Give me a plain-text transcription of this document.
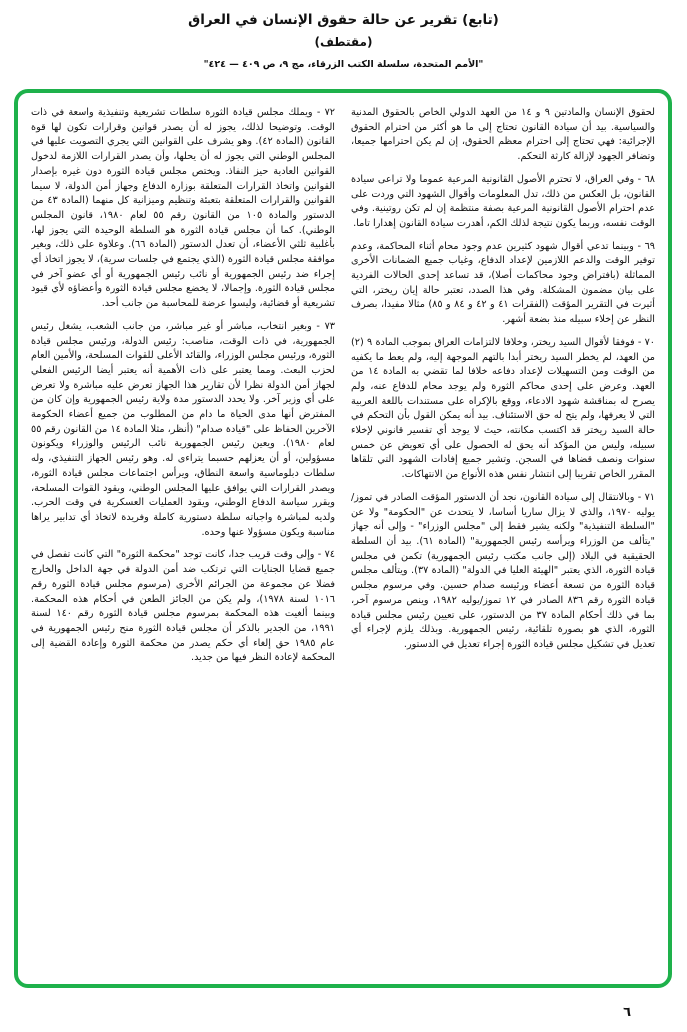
(تابع) تقرير عن حالة حقوق الإنسان في العراق
(مقتطف)
"الأمم المتحدة، سلسلة الكتب الزرقاء، مج ٩، ص ٤٠٩ — ٤٢٤"

لحقوق الإنسان والمادتين ٩ و ١٤ من العهد الدولي الخاص بالحقوق المدنية والسياسية. بيد أن سيادة القانون تحتاج إلى ما هو أكثر من احترام الحقوق الإجرائية: فهي تحتاج إلى احترام معظم الحقوق، إن لم يكن احترامها جميعا، وتضافر الجهود لإزالة كارثة التحكم.

٦٨ - وفي العراق، لا تحترم الأصول القانونية المرعية عموما ولا تراعى سيادة القانون، بل العكس من ذلك، تدل المعلومات وأقوال الشهود التي وردت على عدم احترام الأصول القانونية المرعية بصفة منتظمة إن لم تكن روتينية. وفي الوقت نفسه، وربما يكون نتيجة لذلك الكم، أهدرت سيادة القانون إهدارا تاما.

٦٩ - وبينما تدعي أقوال شهود كثيرين عدم وجود محام أثناء المحاكمة، وعدم توفير الوقت والدعم اللازمين لإعداد الدفاع، وغياب جميع الضمانات الأخرى المماثلة (بافتراض وجود محاكمات أصلا)، قد تساعد إحدى الحالات الفردية على بيان مضمون المشكلة. وفي هذا الصدد، تعتبر حالة إيان ريختر، التي أثيرت في التقرير المؤقت (الفقرات ٤١ و ٤٢ و ٨٤ و ٨٥) مثالا مفيدا، بصرف النظر عن إخلاء سبيله منذ بضعة أشهر.

٧٠ - فوفقا لأقوال السيد ريختر، وخلافا لالتزامات العراق بموجب المادة ٩ (٢) من العهد، لم يخطر السيد ريختر أبدا بالتهم الموجهة إليه، ولم يعط ما يكفيه من الوقت ومن التسهيلات لإعداد دفاعه خلافا لما تقضي به المادة ١٤ من العهد. وعرض على إحدى محاكم الثورة ولم يوجد محام للدفاع عنه، ولم يصرح له بمناقشة شهود الادعاء، ووقع بالإكراه على مستندات باللغة العربية التي لا يعرفها، ولم يتح له حق الاستئناف. بيد أنه يمكن القول بأن التحكم في حالة السيد ريختر قد اكتسب مكانته، حيث لا يوجد أي تفسير قانوني لإخلاء سبيله، وليس من المؤكد أنه يحق له الحصول على أي تعويض عن خمس سنوات ونصف قضاها في السجن. وتشير جميع إفادات الشهود التي تلقاها المقرر الخاص تقريبا إلى انتشار نفس هذه الأنواع من الانتهاكات.

٧١ - وبالانتقال إلى سيادة القانون، نجد أن الدستور المؤقت الصادر في تموز/يوليه ١٩٧٠، والذي لا يزال ساريا أساسا، لا يتحدث عن "الحكومة" ولا عن "السلطة التنفيذية" ولكنه يشير فقط إلى "مجلس الوزراء" - وإلى أنه جهاز "يتألف من الوزراء ويرأسه رئيس الجمهورية" (المادة ٦١). بيد أن السلطة الحقيقية في البلاد (إلى جانب مكتب رئيس الجمهورية) تكمن في مجلس قيادة الثورة، الذي يعتبر "الهيئة العليا في الدولة" (المادة ٣٧). ويتألف مجلس قيادة الثورة من تسعة أعضاء ورئيسه صدام حسين. وفي مرسوم مجلس قيادة الثورة رقم ٨٣٦ الصادر في ١٢ تموز/يوليه ١٩٨٢، وينص مرسوم آخر، بما في ذلك أحكام المادة ٣٧ من الدستور، على تعيين رئيس مجلس قيادة الثورة، الذي هو بصورة تلقائية، رئيس الجمهورية. وبذلك يلزم لإجراء أي تعديل في تشكيل مجلس قيادة الثورة إجراء تعديل في الدستور.

٧٢ - ويملك مجلس قيادة الثورة سلطات تشريعية وتنفيذية واسعة في ذات الوقت. وتوضيحا لذلك، يجوز له أن يصدر قوانين وقرارات تكون لها قوة القانون (المادة ٤٢). وهو يشرف على القوانين التي يجري التصويت عليها في المجلس الوطني التي يجوز له أن يحلها، وأن يصدر القرارات اللازمة لدخول القوانين العادية حيز النفاذ. ويختص مجلس قيادة الثورة دون غيره بإصدار القوانين واتخاذ القرارات المتعلقة بوزارة الدفاع وجهاز أمن الدولة، لا سيما القوانين والقرارات المتعلقة بتعبئة وتنظيم وميزانية كل منهما (المادة ٤٣ من الدستور والمادة ١٠٥ من القانون رقم ٥٥ لعام ١٩٨٠، قانون المجلس الوطني). كما أن مجلس قيادة الثورة هو السلطة الوحيدة التي يجوز لها، بأغلبية ثلثي الأعضاء، أن تعدل الدستور (المادة ٦٦). وعلاوة على ذلك، وبغير موافقة مجلس قيادة الثورة (الذي يجتمع في جلسات سرية)، لا يجوز اتخاذ أي إجراء ضد رئيس الجمهورية أو نائب رئيس الجمهورية أو أي عضو آخر في مجلس قيادة الثورة. وإجمالا، لا يخضع مجلس قيادة الثورة وأعضاؤه لأي قيود تشريعية أو قضائية، وليسوا عرضة للمحاسبة من جانب أحد.

٧٣ - وبغير انتخاب، مباشر أو غير مباشر، من جانب الشعب، يشغل رئيس الجمهورية، في ذات الوقت، مناصب: رئيس الدولة، ورئيس مجلس قيادة الثورة، ورئيس مجلس الوزراء، والقائد الأعلى للقوات المسلحة، والأمين العام لحزب البعث. ومما يعتبر على ذات الأهمية أنه يعتبر أيضا الرئيس الفعلي لجهاز أمن الدولة نظرا لأن تقارير هذا الجهاز تعرض عليه مباشرة ولا تعرض على أي وزير آخر. ولا يحدد الدستور مدة ولاية رئيس الجمهورية وإن كان من المفترض أنها مدى الحياة ما دام من المطلوب من جميع أعضاء الحكومة الآخرين الحفاظ على "قيادة صدام" (أنظر، مثلا المادة ١٤ من القانون رقم ٥٥ لعام ١٩٨٠). ويعين رئيس الجمهورية نائب الرئيس والوزراء ويكونون مسؤولين، أو أن يعزلهم حسبما يتراءى له. وهو رئيس الجهاز التنفيذي، وله سلطات دبلوماسية واسعة النطاق، ويرأس اجتماعات مجلس قيادة الثورة، ويصدر القرارات التي يوافق عليها المجلس الوطني، ويقود القوات المسلحة، ويقرر سياسة الدفاع الوطني، ويقود العمليات العسكرية في وقت الحرب. ولديه لمباشرة واجباته سلطة دستورية كاملة وفريدة لاتخاذ أي تدابير يراها مناسبة ويكون مسؤولا عنها وحده.

٧٤ - وإلى وقت قريب جدا، كانت توجد "محكمة الثورة" التي كانت تفصل في جميع قضايا الجنايات التي ترتكب ضد أمن الدولة في جهة الداخل والخارج فضلا عن مجموعة من الجرائم الأخرى (مرسوم مجلس قيادة الثورة رقم ١٠١٦ لسنة ١٩٧٨)، ولم يكن من الجائز الطعن في أحكام هذه المحكمة. وبينما ألغيت هذه المحكمة بمرسوم مجلس قيادة الثورة رقم ١٤٠ لسنة ١٩٩١، من الجدير بالذكر أن مجلس قيادة الثورة منح رئيس الجمهورية في عام ١٩٨٥ حق إلغاء أي حكم يصدر من محكمة الثورة وإعادة القضية إلى المحكمة لإعادة النظر فيها من جديد.

٦
